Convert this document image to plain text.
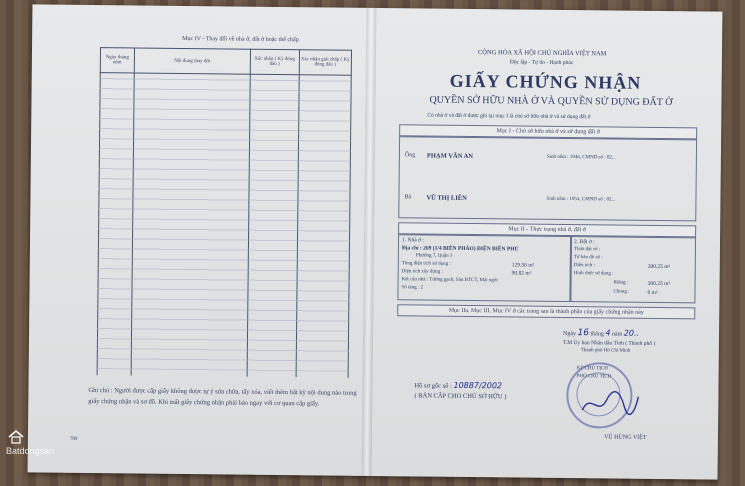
Mục IV - Thay đổi về nhà ở, đất ở hoặc thế chấp
Ngày tháng năm	Nội dung thay đổi	Xác nhận ( Ký đóng dấu )	Xác nhận giải chấp ( Ký đóng dấu )

Ghi chú : Người được cấp giấy không được tự ý sửa chữa, tẩy xóa, viết thêm bất kỳ nội dung nào trong giấy chứng nhận và sơ đồ. Khi mất giấy chứng nhận phải báo ngay với cơ quan cấp giấy.
789
CỘNG HÒA XÃ HỘI CHỦ NGHĨA VIỆT NAM
Độc lập - Tự do - Hạnh phúc
GIẤY CHỨNG NHẬN
QUYỀN SỞ HỮU NHÀ Ở VÀ QUYỀN SỬ DỤNG ĐẤT Ở
Có nhà ở và đất ở được ghi tại mục I là chủ sở hữu nhà ở và sử dụng đất ở
Mục I - Chủ sở hữu nhà ở và sử dụng đất ở
Ông PHẠM VĂN AN	Sinh năm : 1946, CMND số : 02...
Bà VŨ THỊ LIÊN	Sinh năm : 1954, CMND số : 02...
Mục II - Thực trạng nhà ở, đất ở
1. Nhà ở :
Địa chỉ : 269 (1/4 BIÊN PHÁO) ĐIỆN BIÊN PHỦ
Phường 7, Quận 3
Tổng diện tích sử dụng :	129.50 m²
Diện tích xây dựng :	90.82 m²
Kết cấu nhà : Tường gạch, Sàn BTCT, Mái ngói
Số tầng : 2
2. Đất ở :
Thửa đất số :
Tờ bản đồ số :
Diện tích :	300.25 m²
Hình thức sử dụng :
Riêng :	300.25 m²
Chung :	0 m²
Mục IIa, Mục III, Mục IV ở các trang sau là thành phần của giấy chứng nhận này
Ngày 16 tháng 4 năm 20..
T.M Ủy ban Nhân dân Tỉnh ( Thành phố )
Thành phố Hồ Chí Minh
KT CHỦ TỊCH
PHÓ CHỦ TỊCH
Hồ sơ gốc số : 10887/2002
( BẢN CẤP CHO CHỦ SỞ HỮU )
VŨ HÙNG VIỆT
Batdongsan
